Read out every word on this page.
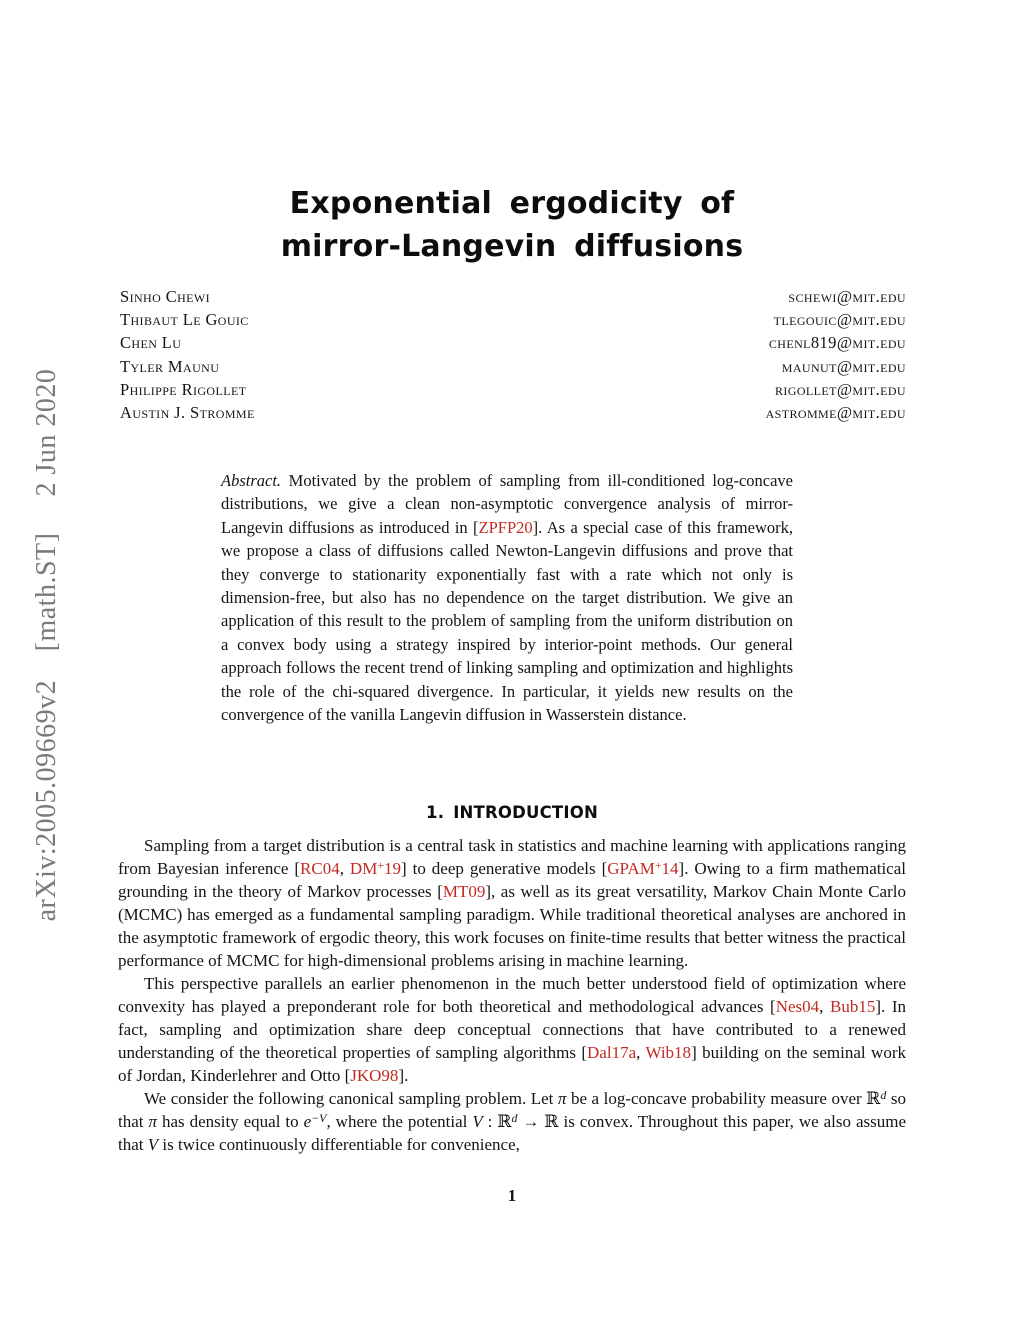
arXiv:2005.09669v2 [math.ST]  2 Jun 2020
Exponential ergodicity of
mirror-Langevin diffusions
Sinho Chewi	schewi@mit.edu
Thibaut Le Gouic	tlegouic@mit.edu
Chen Lu	chenl819@mit.edu
Tyler Maunu	maunut@mit.edu
Philippe Rigollet	rigollet@mit.edu
Austin J. Stromme	astromme@mit.edu
Abstract. Motivated by the problem of sampling from ill-conditioned log-concave distributions, we give a clean non-asymptotic convergence analysis of mirror-Langevin diffusions as introduced in [ZPFP20]. As a special case of this framework, we propose a class of diffusions called Newton-Langevin diffusions and prove that they converge to stationarity exponentially fast with a rate which not only is dimension-free, but also has no dependence on the target distribution. We give an application of this result to the problem of sampling from the uniform distribution on a convex body using a strategy inspired by interior-point methods. Our general approach follows the recent trend of linking sampling and optimization and highlights the role of the chi-squared divergence. In particular, it yields new results on the convergence of the vanilla Langevin diffusion in Wasserstein distance.
1. INTRODUCTION

Sampling from a target distribution is a central task in statistics and machine learning with applications ranging from Bayesian inference [RC04, DM+19] to deep generative models [GPAM+14]. Owing to a firm mathematical grounding in the theory of Markov processes [MT09], as well as its great versatility, Markov Chain Monte Carlo (MCMC) has emerged as a fundamental sampling paradigm. While traditional theoretical analyses are anchored in the asymptotic framework of ergodic theory, this work focuses on finite-time results that better witness the practical performance of MCMC for high-dimensional problems arising in machine learning.

This perspective parallels an earlier phenomenon in the much better understood field of optimization where convexity has played a preponderant role for both theoretical and methodological advances [Nes04, Bub15]. In fact, sampling and optimization share deep conceptual connections that have contributed to a renewed understanding of the theoretical properties of sampling algorithms [Dal17a, Wib18] building on the seminal work of Jordan, Kinderlehrer and Otto [JKO98].

We consider the following canonical sampling problem. Let π be a log-concave probability measure over ℝ$^d$ so that π has density equal to $e^{-V}$, where the potential V : ℝ$^d$ → ℝ is convex. Throughout this paper, we also assume that V is twice continuously differentiable for convenience,

1
